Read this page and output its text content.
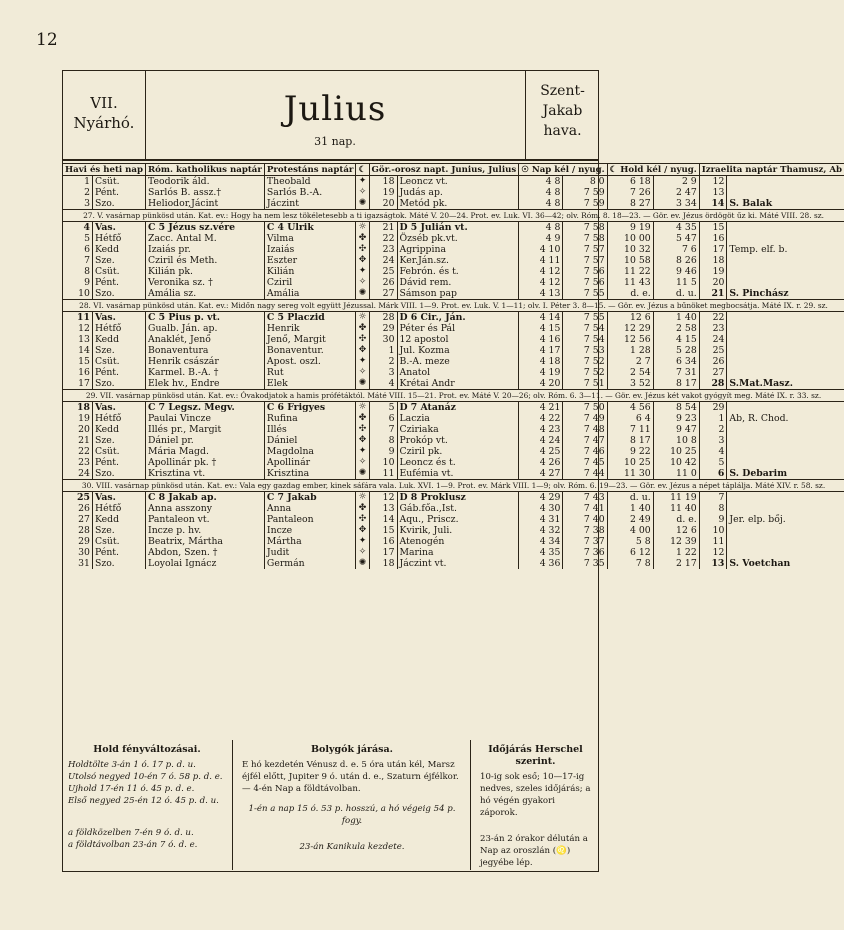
12
VII.
Nyárhó.	Julius
31 nap.
Szent-
Jakab
hava.
Havi és heti nap		Róm. katholikus naptár	Protestáns naptár	☾	Gör.-orosz napt. Junius, Julius		☉ Nap kél / nyug.		☾ Hold kél / nyug.		Izraelita naptár Thamusz, Ab	
1	Csüt.	Teodorik áld.	Theobald	✦	18	Leoncz vt.	4 8	8 0	6 18	2 9	12	
2	Pént.	Sarlós B. assz.†	Sarlós B.-A.	✧	19	Judás ap.	4 8	7 59	7 26	2 47	13	
3	Szo.	Heliodor,Jácint	Jáczint	✺	20	Metód pk.	4 8	7 59	8 27	3 34	14	S. Balak
27. V. vasárnap pünkösd után. Kat. ev.: Hogy ha nem lesz tökéletesebb a ti igazságtok. Máté V. 20—24. Prot. ev. Luk. VI. 36—42; olv. Róm. 8. 18—23. — Gör. ev. Jézus ördögöt űz ki. Máté VIII. 28. sz.												
4	Vas.	C 5 Jézus sz.vére	C 4 Ulrik	☼	21	D 5 Julián vt.	4 8	7 58	9 19	4 35	15	
5	Hétfő	Zacc. Antal M.	Vilma	✤	22	Özséb pk.vt.	4 9	7 58	10 00	5 47	16	
6	Kedd	Izaiás pr.	Izaiás	✣	23	Agrippina	4 10	7 57	10 32	7 6	17	Temp. elf. b.
7	Sze.	Cziril és Meth.	Eszter	✥	24	Ker.Ján.sz.	4 11	7 57	10 58	8 26	18	
8	Csüt.	Kilián pk.	Kilián	✦	25	Febrón. és t.	4 12	7 56	11 22	9 46	19	
9	Pént.	Veronika sz. †	Cziril	✧	26	Dávid rem.	4 12	7 56	11 43	11 5	20	
10	Szo.	Amália sz.	Amália	✺	27	Sámson pap	4 13	7 55	d. e.	d. u.	21	S. Pinchász
28. VI. vasárnap pünkösd után. Kat. ev.: Midőn nagy sereg volt együtt Jézussal. Márk VIII. 1—9. Prot. ev. Luk. V. 1—11; olv. I. Péter 3. 8—15. — Gör. ev. Jézus a bűnöket megbocsátja. Máté IX. r. 29. sz.												
11	Vas.	C 5 Pius p. vt.	C 5 Placzid	☼	28	D 6 Cir., Ján.	4 14	7 55	12 6	1 40	22	
12	Hétfő	Gualb. Ján. ap.	Henrik	✤	29	Péter és Pál	4 15	7 54	12 29	2 58	23	
13	Kedd	Anaklét, Jenő	Jenő, Margit	✣	30	12 apostol	4 16	7 54	12 56	4 15	24	
14	Sze.	Bonaventura	Bonaventur.	✥	1	Jul. Kozma	4 17	7 53	1 28	5 28	25	
15	Csüt.	Henrik császár	Apost. oszl.	✦	2	B.-A. meze	4 18	7 52	2 7	6 34	26	
16	Pént.	Karmel. B.-A. †	Rut	✧	3	Anatol	4 19	7 52	2 54	7 31	27	
17	Szo.	Elek hv., Endre	Elek	✺	4	Krétai Andr	4 20	7 51	3 52	8 17	28	S.Mat.Masz.
29. VII. vasárnap pünkösd után. Kat. ev.: Óvakodjatok a hamis prófétáktól. Máté VIII. 15—21. Prot. ev. Máté V. 20—26; olv. Róm. 6. 3—11. — Gör. ev. Jézus két vakot gyógyít meg. Máté IX. r. 33. sz.												
18	Vas.	C 7 Legsz. Megv.	C 6 Frigyes	☼	5	D 7 Atanáz	4 21	7 50	4 56	8 54	29	
19	Hétfő	Paulai Vincze	Rufina	✤	6	Laczia	4 22	7 49	6 4	9 23	1	Ab, R. Chod.
20	Kedd	Illés pr., Margit	Illés	✣	7	Cziriaka	4 23	7 48	7 11	9 47	2	
21	Sze.	Dániel pr.	Dániel	✥	8	Prokóp vt.	4 24	7 47	8 17	10 8	3	
22	Csüt.	Mária Magd.	Magdolna	✦	9	Cziril pk.	4 25	7 46	9 22	10 25	4	
23	Pént.	Apollinár pk. †	Apollinár	✧	10	Leoncz és t.	4 26	7 45	10 25	10 42	5	
24	Szo.	Krisztina vt.	Krisztina	✺	11	Eufémia vt.	4 27	7 44	11 30	11 0	6	S. Debarim
30. VIII. vasárnap pünkösd után. Kat. ev.: Vala egy gazdag ember, kinek sáfára vala. Luk. XVI. 1—9. Prot. ev. Márk VIII. 1—9; olv. Róm. 6. 19—23. — Gör. ev. Jézus a népet táplálja. Máté XIV. r. 58. sz.												
25	Vas.	C 8 Jakab ap.	C 7 Jakab	☼	12	D 8 Proklusz	4 29	7 43	d. u.	11 19	7	
26	Hétfő	Anna asszony	Anna	✤	13	Gáb.főa.,Ist.	4 30	7 41	1 40	11 40	8	
27	Kedd	Pantaleon vt.	Pantaleon	✣	14	Aqu., Priscz.	4 31	7 40	2 49	d. e.	9	Jer. elp. bőj.
28	Sze.	Incze p. hv.	Incze	✥	15	Kvirik, Juli.	4 32	7 38	4 00	12 6	10	
29	Csüt.	Beatrix, Mártha	Mártha	✦	16	Atenogén	4 34	7 37	5 8	12 39	11	
30	Pént.	Abdon, Szen. †	Judit	✧	17	Marina	4 35	7 36	6 12	1 22	12	
31	Szo.	Loyolai Ignácz	Germán	✺	18	Jáczint vt.	4 36	7 35	7 8	2 17	13	S. Voetchan
Hold fényváltozásai.
Holdtölte 3-án 1 ó. 17 p. d. u.
Utolsó negyed 10-én 7 ó. 58 p. d. e.
Ujhold 17-én 11 ó. 45 p. d. e.
Első negyed 25-én 12 ó. 45 p. d. u.
a földközelben 7-én 9 ó. d. u.
a földtávolban 23-án 7 ó. d. e.
Bolygók járása.
E hó kezdetén Vénusz d. e. 5 óra után kél, Marsz éjfél előtt, Jupiter 9 ó. után d. e., Szaturn éjfélkor. — 4-én Nap a földtávolban.
1-én a nap 15 ó. 53 p. hosszú, a hó végeig 54 p. fogy.
23-án Kanikula kezdete.
Időjárás Herschel szerint.
10-ig sok eső; 10—17-ig nedves, szeles időjárás; a hó végén gyakori záporok.
23-án 2 órakor délután a Nap az oroszlán (♌) jegyébe lép.
